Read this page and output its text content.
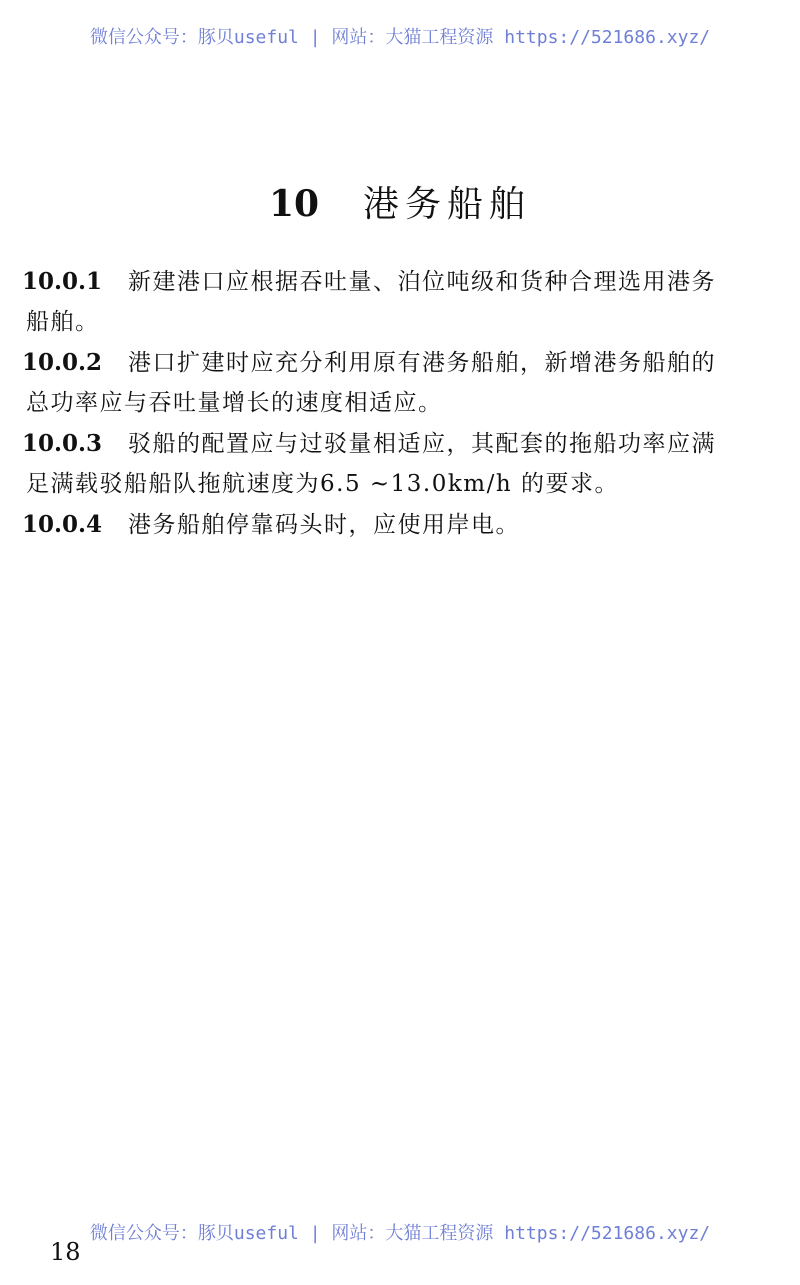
微信公众号：豚贝useful | 网站：大猫工程资源 https://521686.xyz/
10 港务船舶
10.0.1 新建港口应根据吞吐量、泊位吨级和货种合理选用港务
船舶。
10.0.2 港口扩建时应充分利用原有港务船舶，新增港务船舶的
总功率应与吞吐量增长的速度相适应。
10.0.3 驳船的配置应与过驳量相适应，其配套的拖船功率应满
足满载驳船船队拖航速度为6.5 ~13.0km/h 的要求。
10.0.4 港务船舶停靠码头时，应使用岸电。
微信公众号：豚贝useful | 网站：大猫工程资源 https://521686.xyz/
18
